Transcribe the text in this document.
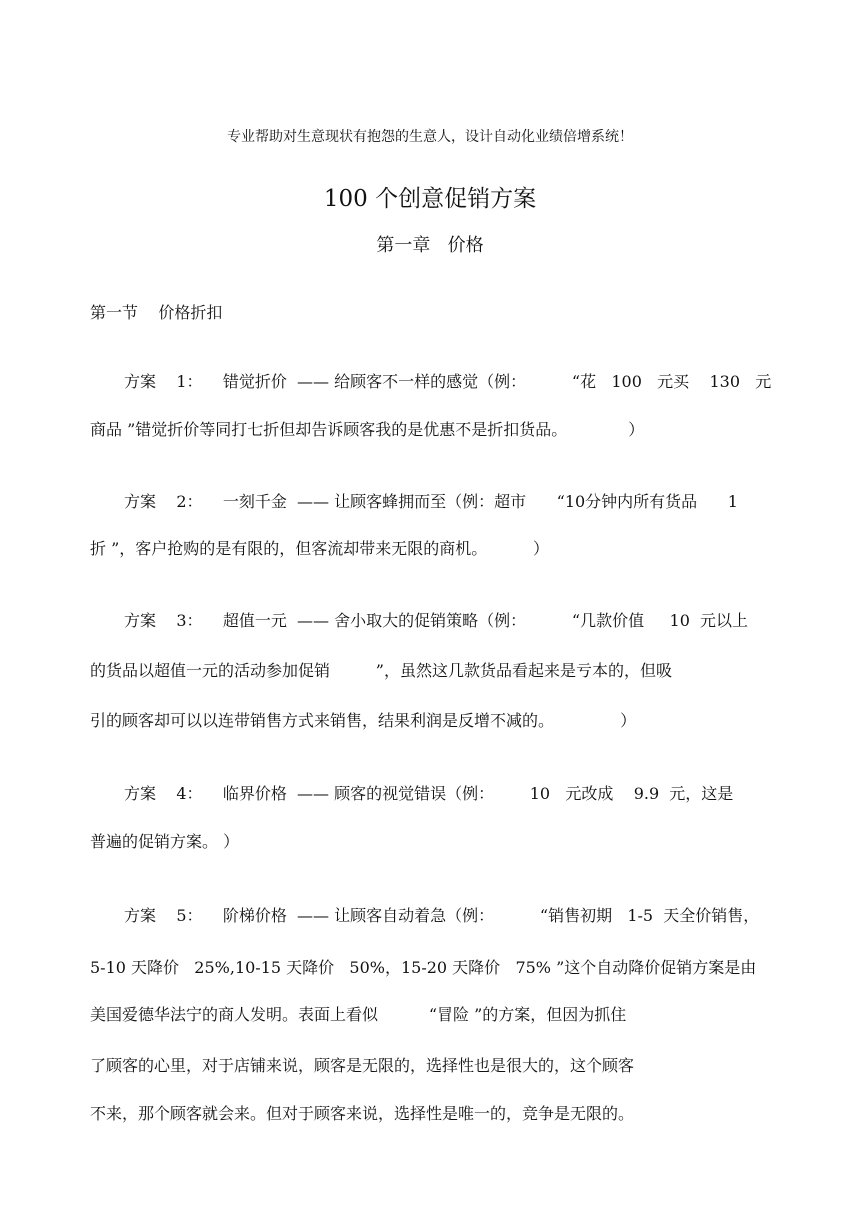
专业帮助对生意现状有抱怨的生意人，设计自动化业绩倍增系统！
100 个创意促销方案
第一章   价格
第一节    价格折扣
方案    1：    错觉折价  —— 给顾客不一样的感觉（例：         “花   100   元买    130   元
商品 ”错觉折价等同打七折但却告诉顾客我的是优惠不是折扣货品。            ）
方案    2：    一刻千金  —— 让顾客蜂拥而至（例：超市      “10分钟内所有货品      1
折 ”，客户抢购的是有限的，但客流却带来无限的商机。         ）
方案    3：    超值一元  —— 舍小取大的促销策略（例：         “几款价值     10  元以上
的货品以超值一元的活动参加促销         ”，虽然这几款货品看起来是亏本的，但吸
引的顾客却可以以连带销售方式来销售，结果利润是反增不减的。             ）
方案    4：    临界价格  —— 顾客的视觉错误（例：       10   元改成    9.9  元，这是
普遍的促销方案。 ）
方案    5：    阶梯价格  —— 让顾客自动着急（例：         “销售初期   1-5  天全价销售，
5-10 天降价   25%,10-15 天降价   50%，15-20 天降价   75% ”这个自动降价促销方案是由
美国爱德华法宁的商人发明。表面上看似          “冒险 ”的方案，但因为抓住
了顾客的心里，对于店铺来说，顾客是无限的，选择性也是很大的，这个顾客
不来，那个顾客就会来。但对于顾客来说，选择性是唯一的，竞争是无限的。
